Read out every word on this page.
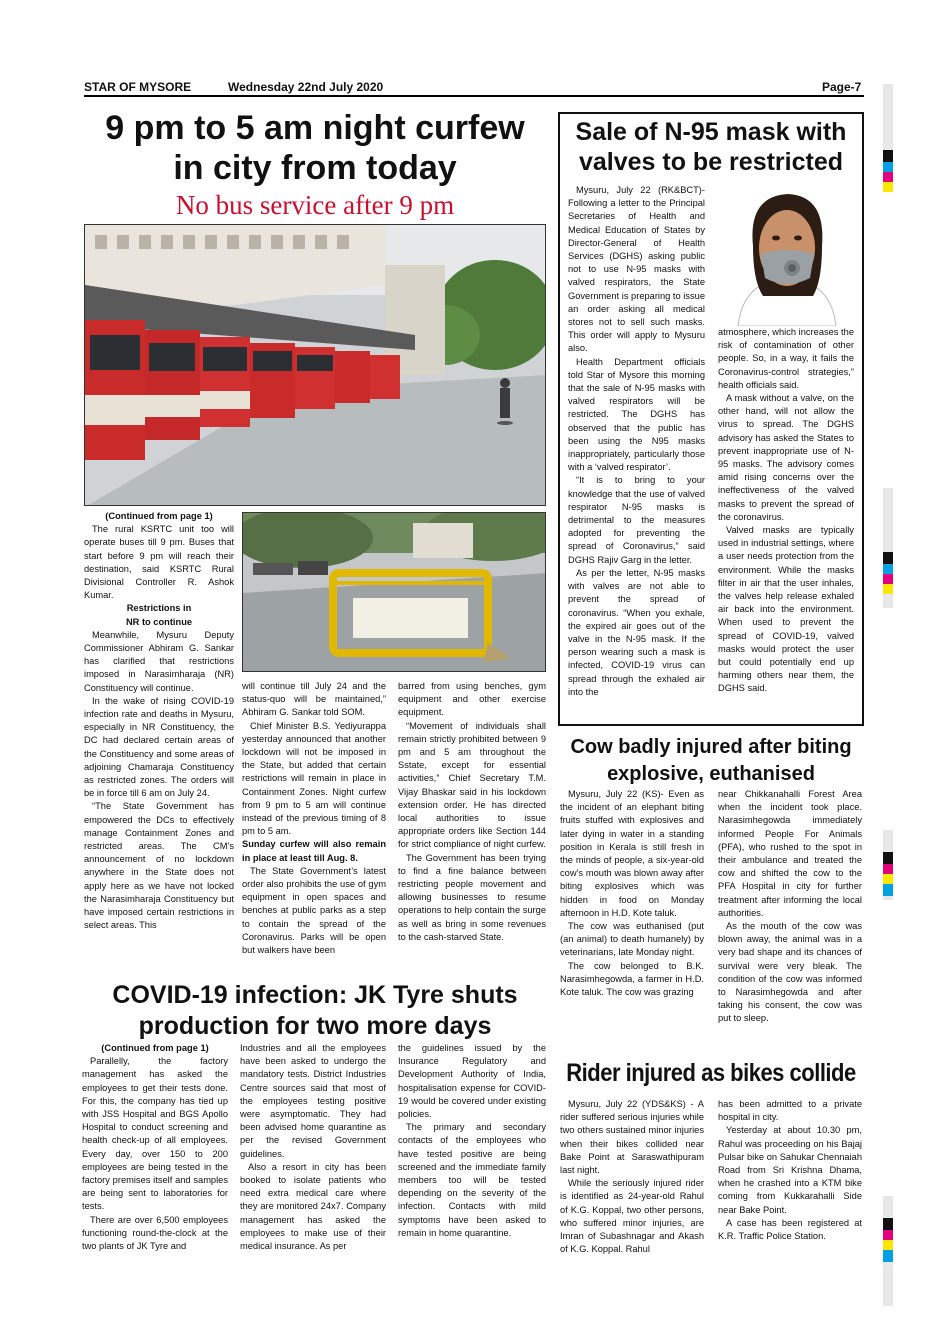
STAR OF MYSORE	Wednesday 22nd July 2020	Page-7
9 pm to 5 am night curfew
in city from today
No bus service after 9 pm

(Continued from page 1)

The rural KSRTC unit too will operate buses till 9 pm. Buses that start before 9 pm will reach their destination, said KSRTC Rural Divisional Controller R. Ashok Kumar.

Restrictions in

NR to continue

Meanwhile, Mysuru Deputy Commissioner Abhiram G. Sankar has clarified that restrictions imposed in Narasimharaja (NR) Constituency will continue.

In the wake of rising COVID-19 infection rate and deaths in Mysuru, especially in NR Constituency, the DC had declared certain areas of the Constituency and some areas of adjoining Chamaraja Constituency as restricted zones. The orders will be in force till 6 am on July 24.

“The State Government has empowered the DCs to effectively manage Containment Zones and restricted areas. The CM’s announcement of no lockdown anywhere in the State does not apply here as we have not locked the Narasimharaja Constituency but have imposed certain restrictions in select areas. This

will continue till July 24 and the status-quo will be maintained,” Abhiram G. Sankar told SOM.

Chief Minister B.S. Yediyurappa yesterday announced that another lockdown will not be imposed in the State, but added that certain restrictions will remain in place in Containment Zones. Night curfew from 9 pm to 5 am will continue instead of the previous timing of 8 pm to 5 am.

Sunday curfew will also remain in place at least till Aug. 8.

The State Government’s latest order also prohibits the use of gym equipment in open spaces and benches at public parks as a step to contain the spread of the Coronavirus. Parks will be open but walkers have been

barred from using benches, gym equipment and other exercise equipment.

“Movement of individuals shall remain strictly prohibited between 9 pm and 5 am throughout the Sstate, except for essential activities,” Chief Secretary T.M. Vijay Bhaskar said in his lockdown extension order. He has directed local authorities to issue appropriate orders like Section 144 for strict compliance of night curfew.

The Government has been trying to find a fine balance between restricting people movement and allowing businesses to resume operations to help contain the surge as well as bring in some revenues to the cash-starved State.

Sale of N-95 mask with
valves to be restricted

Mysuru, July 22 (RK&BCT)- Following a letter to the Principal Secretaries of Health and Medical Education of States by Director-General of Health Services (DGHS) asking public not to use N-95 masks with valved respirators, the State Government is preparing to issue an order asking all medical stores not to sell such masks. This order will apply to Mysuru also.

Health Department officials told Star of Mysore this morning that the sale of N-95 masks with valved respirators will be restricted. The DGHS has observed that the public has been using the N95 masks inappropriately, particularly those with a ‘valved respirator’.

“It is to bring to your knowledge that the use of valved respirator N-95 masks is detrimental to the measures adopted for preventing the spread of Coronavirus,” said DGHS Rajiv Garg in the letter.

As per the letter, N-95 masks with valves are not able to prevent the spread of coronavirus. “When you exhale, the expired air goes out of the valve in the N-95 mask. If the person wearing such a mask is infected, COVID-19 virus can spread through the exhaled air into the

atmosphere, which increases the risk of contamination of other people. So, in a way, it fails the Coronavirus-control strategies,” health officials said.

A mask without a valve, on the other hand, will not allow the virus to spread. The DGHS advisory has asked the States to prevent inappropriate use of N-95 masks. The advisory comes amid rising concerns over the ineffectiveness of the valved masks to prevent the spread of the coronavirus.

Valved masks are typically used in industrial settings, where a user needs protection from the environment. While the masks filter in air that the user inhales, the valves help release exhaled air back into the environment. When used to prevent the spread of COVID-19, valved masks would protect the user but could potentially end up harming others near them, the DGHS said.

Cow badly injured after biting
explosive, euthanised

Mysuru, July 22 (KS)- Even as the incident of an elephant biting fruits stuffed with explosives and later dying in water in a standing position in Kerala is still fresh in the minds of people, a six-year-old cow’s mouth was blown away after biting explosives which was hidden in food on Monday afternoon in H.D. Kote taluk.

The cow was euthanised (put (an animal) to death humanely) by veterinarians, late Monday night.

The cow belonged to B.K. Narasimhegowda, a farmer in H.D. Kote taluk. The cow was grazing

near Chikkanahalli Forest Area when the incident took place. Narasimhegowda immediately informed People For Animals (PFA), who rushed to the spot in their ambulance and treated the cow and shifted the cow to the PFA Hospital in city for further treatment after informing the local authorities.

As the mouth of the cow was blown away, the animal was in a very bad shape and its chances of survival were very bleak. The condition of the cow was informed to Narasimhegowda and after taking his consent, the cow was put to sleep.

COVID-19 infection: JK Tyre shuts
production for two more days

(Continued from page 1)

Parallelly, the factory management has asked the employees to get their tests done. For this, the company has tied up with JSS Hospital and BGS Apollo Hospital to conduct screening and health check-up of all employees. Every day, over 150 to 200 employees are being tested in the factory premises itself and samples are being sent to laboratories for tests.

There are over 6,500 employees functioning round-the-clock at the two plants of JK Tyre and

Industries and all the employees have been asked to undergo the mandatory tests. District Industries Centre sources said that most of the employees testing positive were asymptomatic. They had been advised home quarantine as per the revised Government guidelines.

Also a resort in city has been booked to isolate patients who need extra medical care where they are monitored 24x7. Company management has asked the employees to make use of their medical insurance. As per

the guidelines issued by the Insurance Regulatory and Development Authority of India, hospitalisation expense for COVID-19 would be covered under existing policies.

The primary and secondary contacts of the employees who have tested positive are being screened and the immediate family members too will be tested depending on the severity of the infection. Contacts with mild symptoms have been asked to remain in home quarantine.

Rider injured as bikes collide

Mysuru, July 22 (YDS&KS) - A rider suffered serious injuries while two others sustained minor injuries when their bikes collided near Bake Point at Saraswathipuram last night.

While the seriously injured rider is identified as 24-year-old Rahul of K.G. Koppal, two other persons, who suffered minor injuries, are Imran of Subashnagar and Akash of K.G. Koppal. Rahul

has been admitted to a private hospital in city.

Yesterday at about 10.30 pm, Rahul was proceeding on his Bajaj Pulsar bike on Sahukar Chennaiah Road from Sri Krishna Dhama, when he crashed into a KTM bike coming from Kukkarahalli Side near Bake Point.

A case has been registered at K.R. Traffic Police Station.
